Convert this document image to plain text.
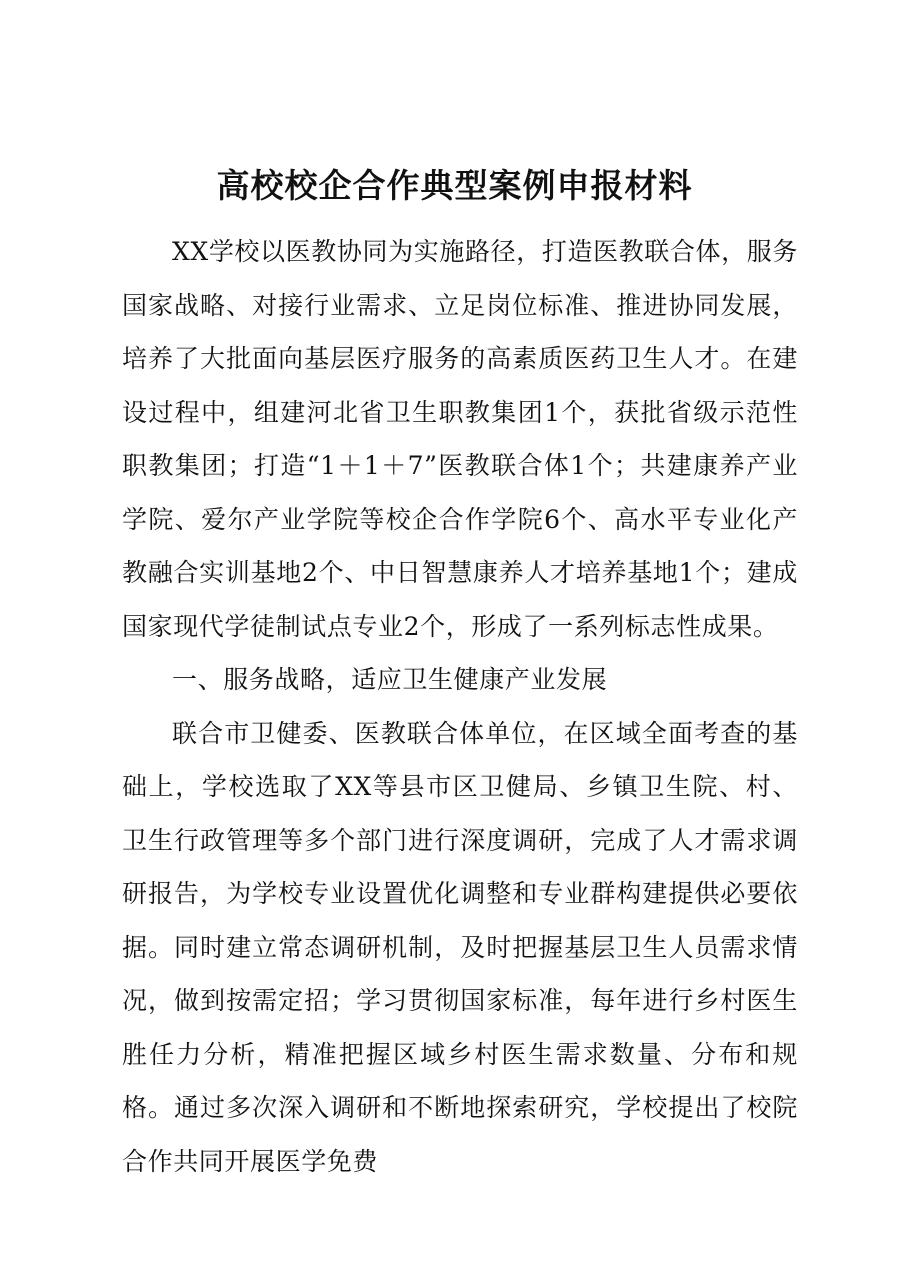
高校校企合作典型案例申报材料

XX学校以医教协同为实施路径，打造医教联合体，服务国家战略、对接行业需求、立足岗位标准、推进协同发展，培养了大批面向基层医疗服务的高素质医药卫生人才。在建设过程中，组建河北省卫生职教集团1个，获批省级示范性职教集团；打造“1＋1＋7”医教联合体1个；共建康养产业学院、爱尔产业学院等校企合作学院6个、高水平专业化产教融合实训基地2个、中日智慧康养人才培养基地1个；建成国家现代学徒制试点专业2个，形成了一系列标志性成果。

一、服务战略，适应卫生健康产业发展

联合市卫健委、医教联合体单位，在区域全面考查的基础上，学校选取了XX等县市区卫健局、乡镇卫生院、村、卫生行政管理等多个部门进行深度调研，完成了人才需求调研报告，为学校专业设置优化调整和专业群构建提供必要依据。同时建立常态调研机制，及时把握基层卫生人员需求情况，做到按需定招；学习贯彻国家标准，每年进行乡村医生胜任力分析，精准把握区域乡村医生需求数量、分布和规格。通过多次深入调研和不断地探索研究，学校提出了校院合作共同开展医学免费
